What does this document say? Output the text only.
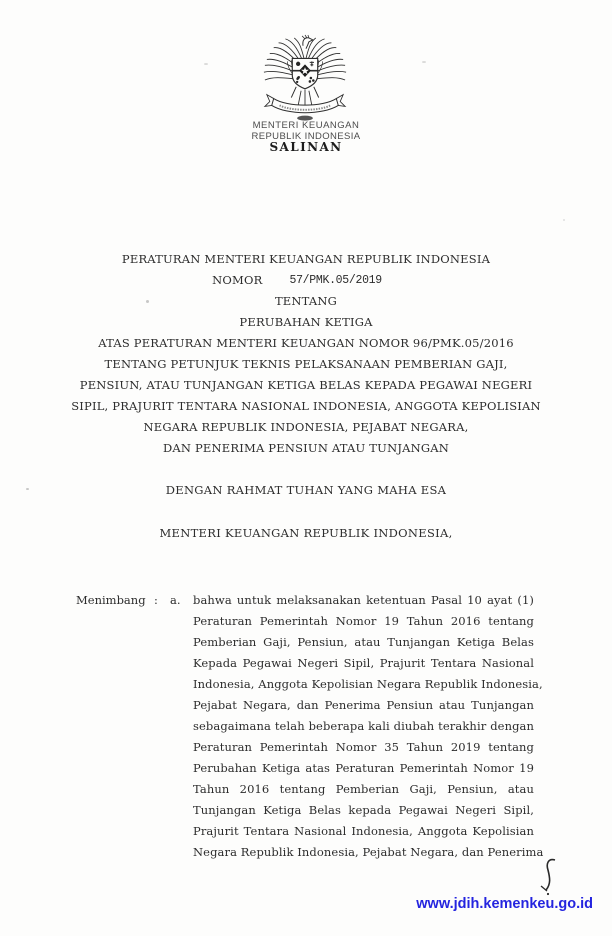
MENTERI KEUANGAN
REPUBLIK INDONESIA
SALINAN
PERATURAN MENTERI KEUANGAN REPUBLIK INDONESIA
NOMOR 57/PMK.05/2019
TENTANG
PERUBAHAN KETIGA
ATAS PERATURAN MENTERI KEUANGAN NOMOR 96/PMK.05/2016
TENTANG PETUNJUK TEKNIS PELAKSANAAN PEMBERIAN GAJI,
PENSIUN, ATAU TUNJANGAN KETIGA BELAS KEPADA PEGAWAI NEGERI
SIPIL, PRAJURIT TENTARA NASIONAL INDONESIA, ANGGOTA KEPOLISIAN
NEGARA REPUBLIK INDONESIA, PEJABAT NEGARA,
DAN PENERIMA PENSIUN ATAU TUNJANGAN
DENGAN RAHMAT TUHAN YANG MAHA ESA
MENTERI KEUANGAN REPUBLIK INDONESIA,
Menimbang : a. bahwa untuk melaksanakan ketentuan Pasal 10 ayat (1)
Peraturan Pemerintah Nomor 19 Tahun 2016 tentang
Pemberian Gaji, Pensiun, atau Tunjangan Ketiga Belas
Kepada Pegawai Negeri Sipil, Prajurit Tentara Nasional
Indonesia, Anggota Kepolisian Negara Republik Indonesia,
Pejabat Negara, dan Penerima Pensiun atau Tunjangan
sebagaimana telah beberapa kali diubah terakhir dengan
Peraturan Pemerintah Nomor 35 Tahun 2019 tentang
Perubahan Ketiga atas Peraturan Pemerintah Nomor 19
Tahun 2016 tentang Pemberian Gaji, Pensiun, atau
Tunjangan Ketiga Belas kepada Pegawai Negeri Sipil,
Prajurit Tentara Nasional Indonesia, Anggota Kepolisian
Negara Republik Indonesia, Pejabat Negara, dan Penerima
www.jdih.kemenkeu.go.id
